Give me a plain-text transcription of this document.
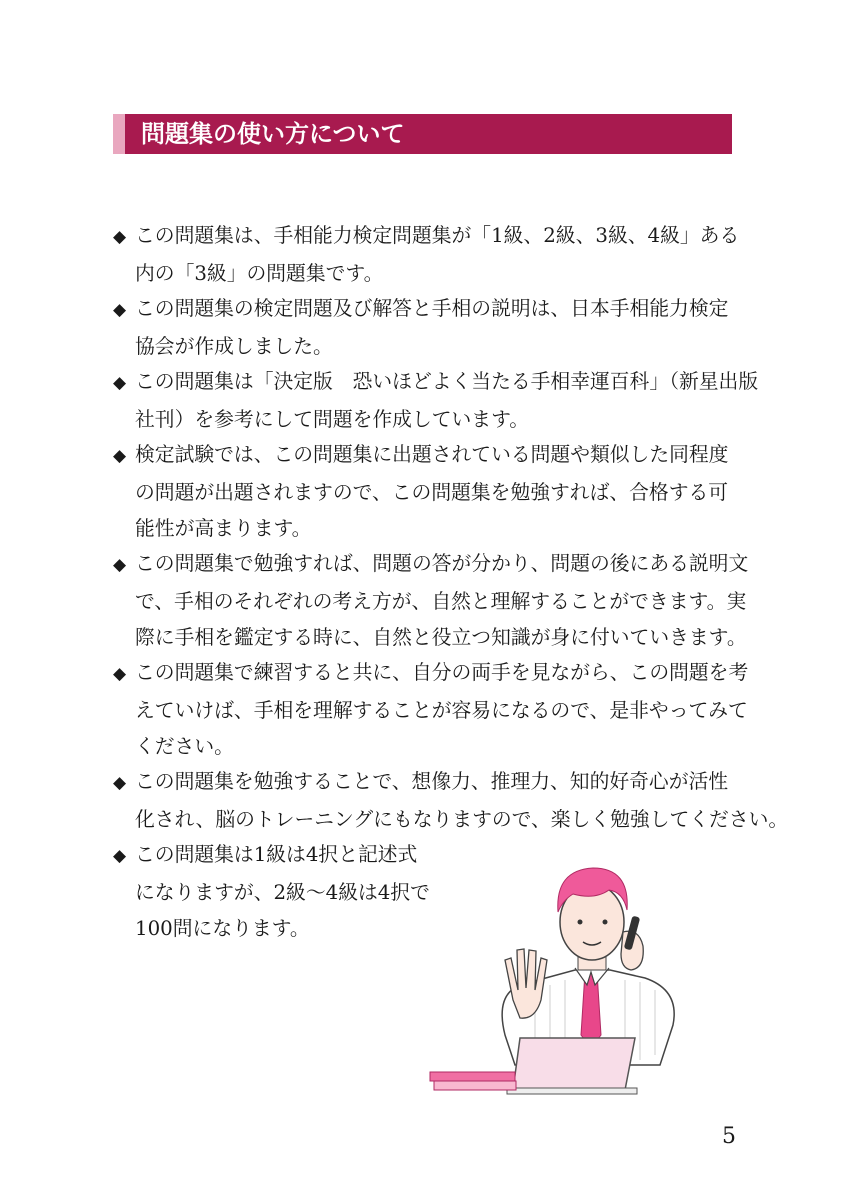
問題集の使い方について

◆ この問題集は、手相能力検定問題集が「1級、2級、3級、4級」ある
内の「3級」の問題集です。

◆ この問題集の検定問題及び解答と手相の説明は、日本手相能力検定
協会が作成しました。

◆ この問題集は「決定版　恐いほどよく当たる手相幸運百科」（新星出版
社刊）を参考にして問題を作成しています。

◆ 検定試験では、この問題集に出題されている問題や類似した同程度
の問題が出題されますので、この問題集を勉強すれば、合格する可
能性が高まります。

◆ この問題集で勉強すれば、問題の答が分かり、問題の後にある説明文
で、手相のそれぞれの考え方が、自然と理解することができます。実
際に手相を鑑定する時に、自然と役立つ知識が身に付いていきます。

◆ この問題集で練習すると共に、自分の両手を見ながら、この問題を考
えていけば、手相を理解することが容易になるので、是非やってみて
ください。

◆ この問題集を勉強することで、想像力、推理力、知的好奇心が活性
化され、脳のトレーニングにもなりますので、楽しく勉強してください。

◆ この問題集は1級は4択と記述式
になりますが、2級〜4級は4択で
100問になります。

5
